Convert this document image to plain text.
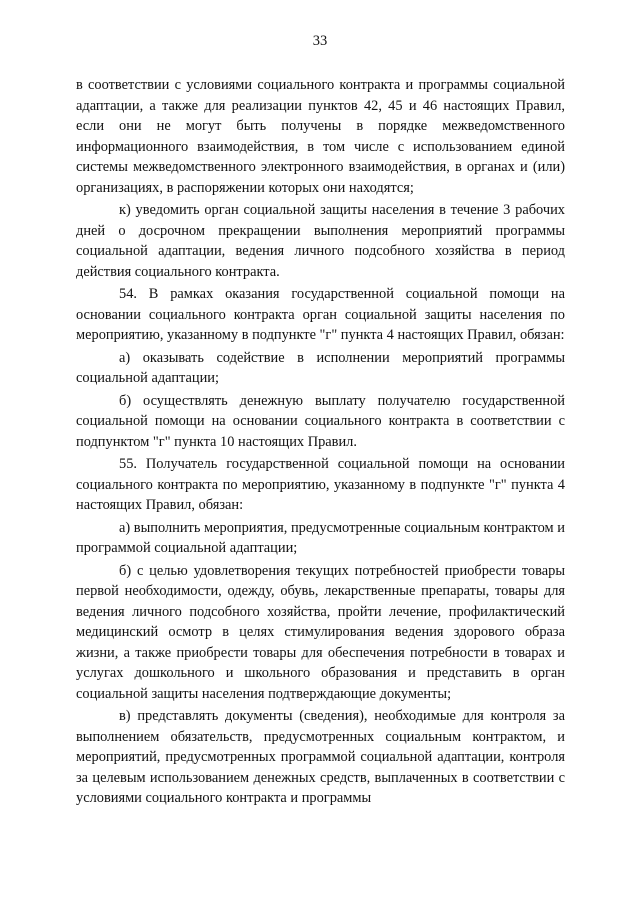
33

в соответствии с условиями социального контракта и программы социальной адаптации, а также для реализации пунктов 42, 45 и 46 настоящих Правил, если они не могут быть получены в порядке межведомственного информационного взаимодействия, в том числе с использованием единой системы межведомственного электронного взаимодействия, в органах и (или) организациях, в распоряжении которых они находятся;

к) уведомить орган социальной защиты населения в течение 3 рабочих дней о досрочном прекращении выполнения мероприятий программы социальной адаптации, ведения личного подсобного хозяйства в период действия социального контракта.

54. В рамках оказания государственной социальной помощи на основании социального контракта орган социальной защиты населения по мероприятию, указанному в подпункте "г" пункта 4 настоящих Правил, обязан:

а) оказывать содействие в исполнении мероприятий программы социальной адаптации;

б) осуществлять денежную выплату получателю государственной социальной помощи на основании социального контракта в соответствии с подпунктом "г" пункта 10 настоящих Правил.

55. Получатель государственной социальной помощи на основании социального контракта по мероприятию, указанному в подпункте "г" пункта 4 настоящих Правил, обязан:

а) выполнить мероприятия, предусмотренные социальным контрактом и программой социальной адаптации;

б) с целью удовлетворения текущих потребностей приобрести товары первой необходимости, одежду, обувь, лекарственные препараты, товары для ведения личного подсобного хозяйства, пройти лечение, профилактический медицинский осмотр в целях стимулирования ведения здорового образа жизни, а также приобрести товары для обеспечения потребности в товарах и услугах дошкольного и школьного образования и представить в орган социальной защиты населения подтверждающие документы;

в) представлять документы (сведения), необходимые для контроля за выполнением обязательств, предусмотренных социальным контрактом, и мероприятий, предусмотренных программой социальной адаптации, контроля за целевым использованием денежных средств, выплаченных в соответствии с условиями социального контракта и программы
